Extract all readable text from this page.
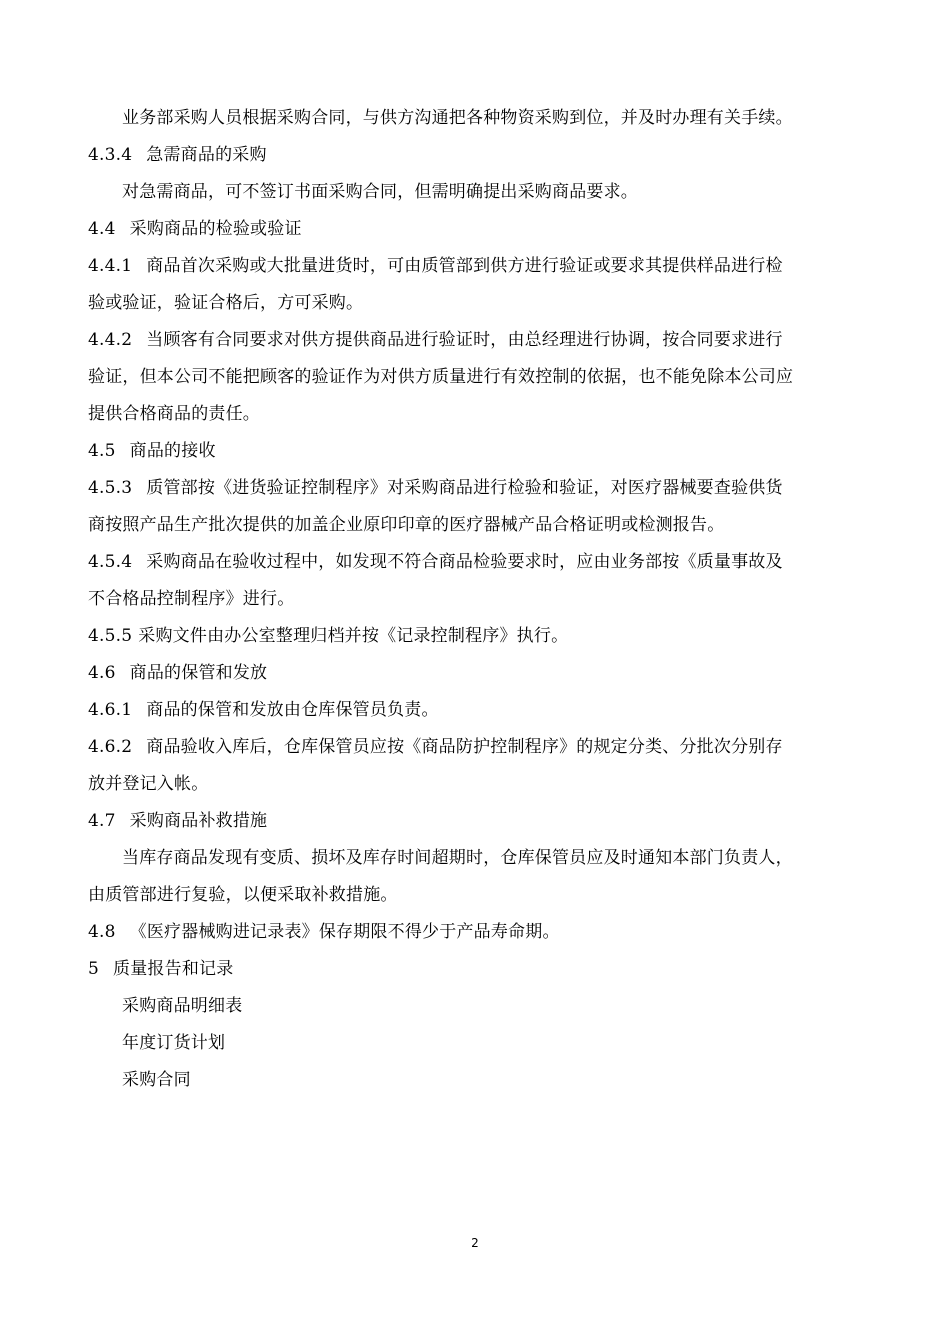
业务部采购人员根据采购合同，与供方沟通把各种物资采购到位，并及时办理有关手续。
4.3.4 急需商品的采购
对急需商品，可不签订书面采购合同，但需明确提出采购商品要求。
4.4 采购商品的检验或验证
4.4.1 商品首次采购或大批量进货时，可由质管部到供方进行验证或要求其提供样品进行检
验或验证，验证合格后，方可采购。
4.4.2 当顾客有合同要求对供方提供商品进行验证时，由总经理进行协调，按合同要求进行
验证，但本公司不能把顾客的验证作为对供方质量进行有效控制的依据，也不能免除本公司应
提供合格商品的责任。
4.5 商品的接收
4.5.3 质管部按《进货验证控制程序》对采购商品进行检验和验证，对医疗器械要查验供货
商按照产品生产批次提供的加盖企业原印印章的医疗器械产品合格证明或检测报告。
4.5.4 采购商品在验收过程中，如发现不符合商品检验要求时，应由业务部按《质量事故及
不合格品控制程序》进行。
4.5.5 采购文件由办公室整理归档并按《记录控制程序》执行。
4.6 商品的保管和发放
4.6.1 商品的保管和发放由仓库保管员负责。
4.6.2 商品验收入库后，仓库保管员应按《商品防护控制程序》的规定分类、分批次分别存
放并登记入帐。
4.7 采购商品补救措施
当库存商品发现有变质、损坏及库存时间超期时，仓库保管员应及时通知本部门负责人，
由质管部进行复验，以便采取补救措施。
4.8 《医疗器械购进记录表》保存期限不得少于产品寿命期。
5 质量报告和记录
采购商品明细表
年度订货计划
采购合同
2
